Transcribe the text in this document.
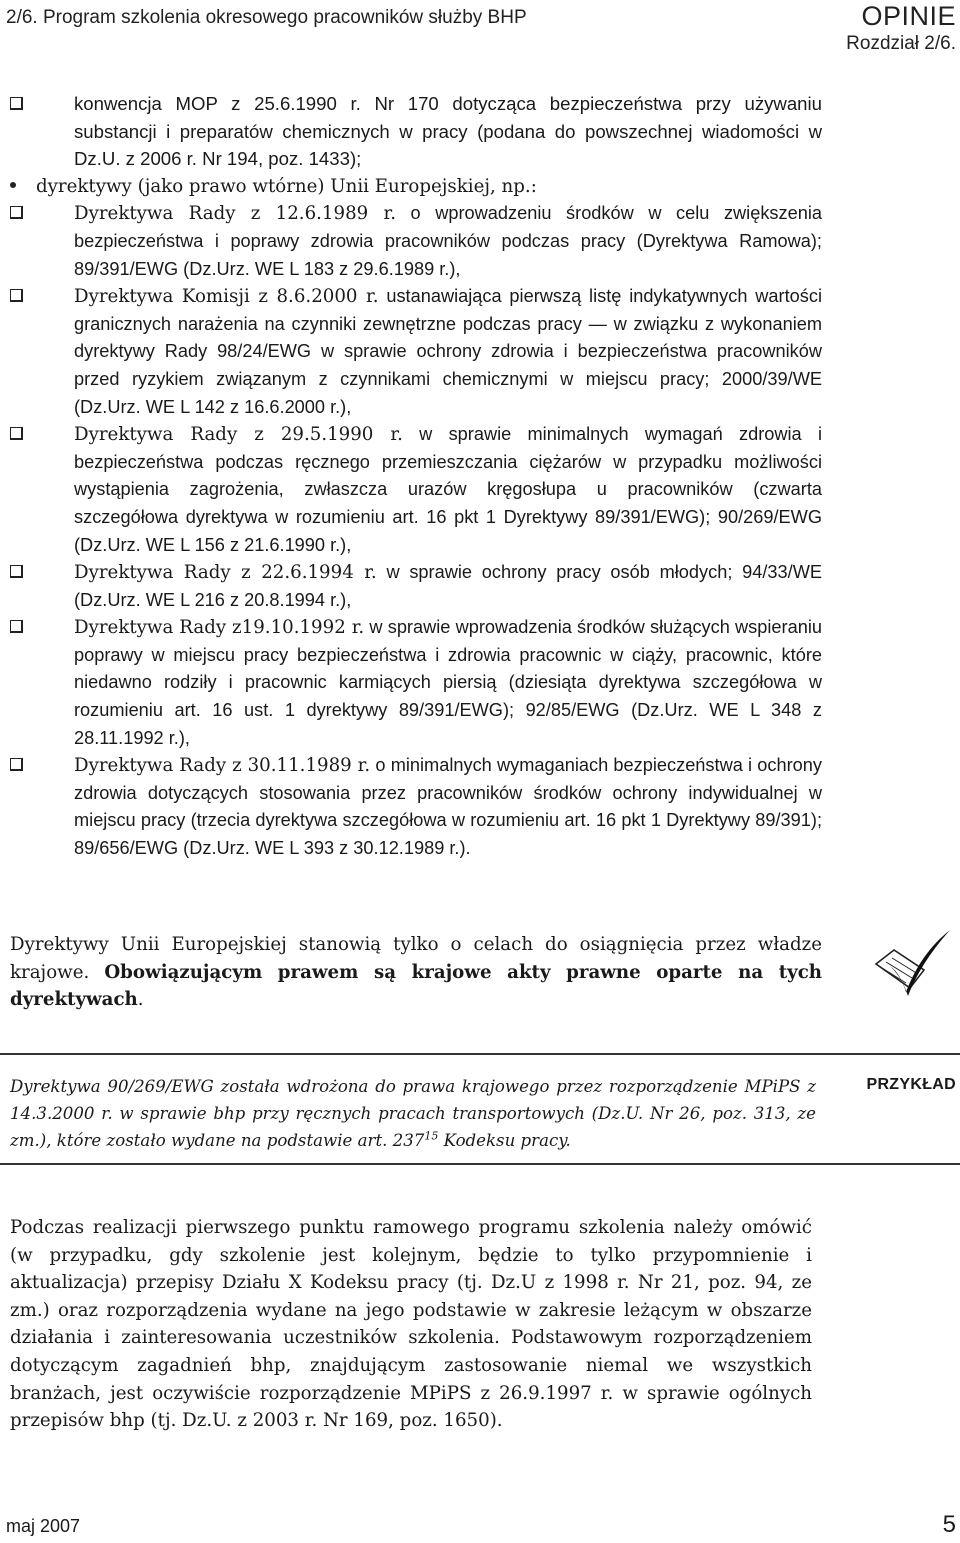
2/6. Program szkolenia okresowego pracowników służby BHP	OPINIE
Rozdział 2/6.

konwencja MOP z 25.6.1990 r. Nr 170 dotycząca bezpieczeństwa przy używaniu substancji i preparatów chemicznych w pracy (podana do powszechnej wiadomości w Dz.U. z 2006 r. Nr 194, poz. 1433);

dyrektywy (jako prawo wtórne) Unii Europejskiej, np.:

Dyrektywa Rady z 12.6.1989 r. o wprowadzeniu środków w celu zwiększenia bezpieczeństwa i poprawy zdrowia pracowników podczas pracy (Dyrektywa Ramowa); 89/391/EWG (Dz.Urz. WE L 183 z 29.6.1989 r.),

Dyrektywa Komisji z 8.6.2000 r. ustanawiająca pierwszą listę indykatywnych wartości granicznych narażenia na czynniki zewnętrzne podczas pracy — w związku z wykonaniem dyrektywy Rady 98/24/EWG w sprawie ochrony zdrowia i bezpieczeństwa pracowników przed ryzykiem związanym z czynnikami chemicznymi w miejscu pracy; 2000/39/WE (Dz.Urz. WE L 142 z 16.6.2000 r.),

Dyrektywa Rady z 29.5.1990 r. w sprawie minimalnych wymagań zdrowia i bezpieczeństwa podczas ręcznego przemieszczania ciężarów w przypadku możliwości wystąpienia zagrożenia, zwłaszcza urazów kręgosłupa u pracowników (czwarta szczegółowa dyrektywa w rozumieniu art. 16 pkt 1 Dyrektywy 89/391/EWG); 90/269/EWG (Dz.Urz. WE L 156 z 21.6.1990 r.),

Dyrektywa Rady z 22.6.1994 r. w sprawie ochrony pracy osób młodych; 94/33/WE (Dz.Urz. WE L 216 z 20.8.1994 r.),

Dyrektywa Rady z19.10.1992 r. w sprawie wprowadzenia środków służących wspieraniu poprawy w miejscu pracy bezpieczeństwa i zdrowia pracownic w ciąży, pracownic, które niedawno rodziły i pracownic karmiących piersią (dziesiąta dyrektywa szczegółowa w rozumieniu art. 16 ust. 1 dyrektywy 89/391/EWG); 92/85/EWG (Dz.Urz. WE L 348 z 28.11.1992 r.),

Dyrektywa Rady z 30.11.1989 r. o minimalnych wymaganiach bezpieczeństwa i ochrony zdrowia dotyczących stosowania przez pracowników środków ochrony indywidualnej w miejscu pracy (trzecia dyrektywa szczegółowa w rozumieniu art. 16 pkt 1 Dyrektywy 89/391); 89/656/EWG (Dz.Urz. WE L 393 z 30.12.1989 r.).

Dyrektywy Unii Europejskiej stanowią tylko o celach do osiągnięcia przez władze krajowe. Obowiązującym prawem są krajowe akty prawne oparte na tych dyrektywach.
Dyrektywa 90/269/EWG została wdrożona do prawa krajowego przez rozporządzenie MPiPS z 14.3.2000 r. w sprawie bhp przy ręcznych pracach transportowych (Dz.U. Nr 26, poz. 313, ze zm.), które zostało wydane na podstawie art. $237^{15}$ Kodeksu pracy.
PRZYKŁAD
Podczas realizacji pierwszego punktu ramowego programu szkolenia należy omówić (w przypadku, gdy szkolenie jest kolejnym, będzie to tylko przypomnienie i aktualizacja) przepisy Działu X Kodeksu pracy (tj. Dz.U z 1998 r. Nr 21, poz. 94, ze zm.) oraz rozporządzenia wydane na jego podstawie w zakresie leżącym w obszarze działania i zainteresowania uczestników szkolenia. Podstawowym rozporządzeniem dotyczącym zagadnień bhp, znajdującym zastosowanie niemal we wszystkich branżach, jest oczywiście rozporządzenie MPiPS z 26.9.1997 r. w sprawie ogólnych przepisów bhp (tj. Dz.U. z 2003 r. Nr 169, poz. 1650).
maj 2007	5
